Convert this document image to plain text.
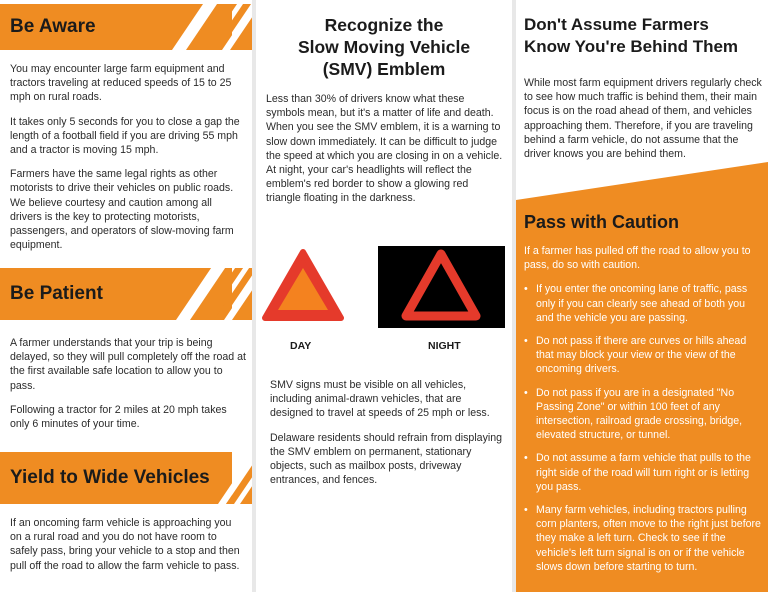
Be Aware

You may encounter large farm equipment and tractors traveling at reduced speeds of 15 to 25 mph on rural roads.

It takes only 5 seconds for you to close a gap the length of a football field if you are driving 55 mph and a tractor is moving 15 mph.

Farmers have the same legal rights as other motorists to drive their vehicles on public roads. We believe courtesy and caution among all drivers is the key to protecting motorists, passengers, and operators of slow-moving farm equipment.

Be Patient

A farmer understands that your trip is being delayed, so they will pull completely off the road at the first available safe location to allow you to pass.

Following a tractor for 2 miles at 20 mph takes only 6 minutes of your time.

Yield to Wide Vehicles

If an oncoming farm vehicle is approaching you on a rural road and you do not have room to safely pass, bring your vehicle to a stop and then pull off the road to allow the farm vehicle to pass.

Recognize the
Slow Moving Vehicle
(SMV) Emblem
Less than 30% of drivers know what these symbols mean, but it's a matter of life and death. When you see the SMV emblem, it is a warning to slow down immediately. It can be difficult to judge the speed at which you are closing in on a vehicle. At night, your car's headlights will reflect the emblem's red border to show a glowing red triangle floating in the darkness.
DAY	NIGHT

SMV signs must be visible on all vehicles, including animal-drawn vehicles, that are designed to travel at speeds of 25 mph or less.

Delaware residents should refrain from displaying the SMV emblem on permanent, stationary objects, such as mailbox posts, driveway entrances, and fences.

Don't Assume Farmers
Know You're Behind Them
While most farm equipment drivers regularly check to see how much traffic is behind them, their main focus is on the road ahead of them, and vehicles approaching them. Therefore, if you are traveling behind a farm vehicle, do not assume that the driver knows you are behind them.
Pass with Caution

If a farmer has pulled off the road to allow you to pass, do so with caution.

• If you enter the oncoming lane of traffic, pass only if you can clearly see ahead of both you and the vehicle you are passing.
• Do not pass if there are curves or hills ahead that may block your view or the view of the oncoming drivers.
• Do not pass if you are in a designated "No Passing Zone" or within 100 feet of any intersection, railroad grade crossing, bridge, elevated structure, or tunnel.
• Do not assume a farm vehicle that pulls to the right side of the road will turn right or is letting you pass.
• Many farm vehicles, including tractors pulling corn planters, often move to the right just before they make a left turn. Check to see if the vehicle's left turn signal is on or if the vehicle slows down before starting to turn.
